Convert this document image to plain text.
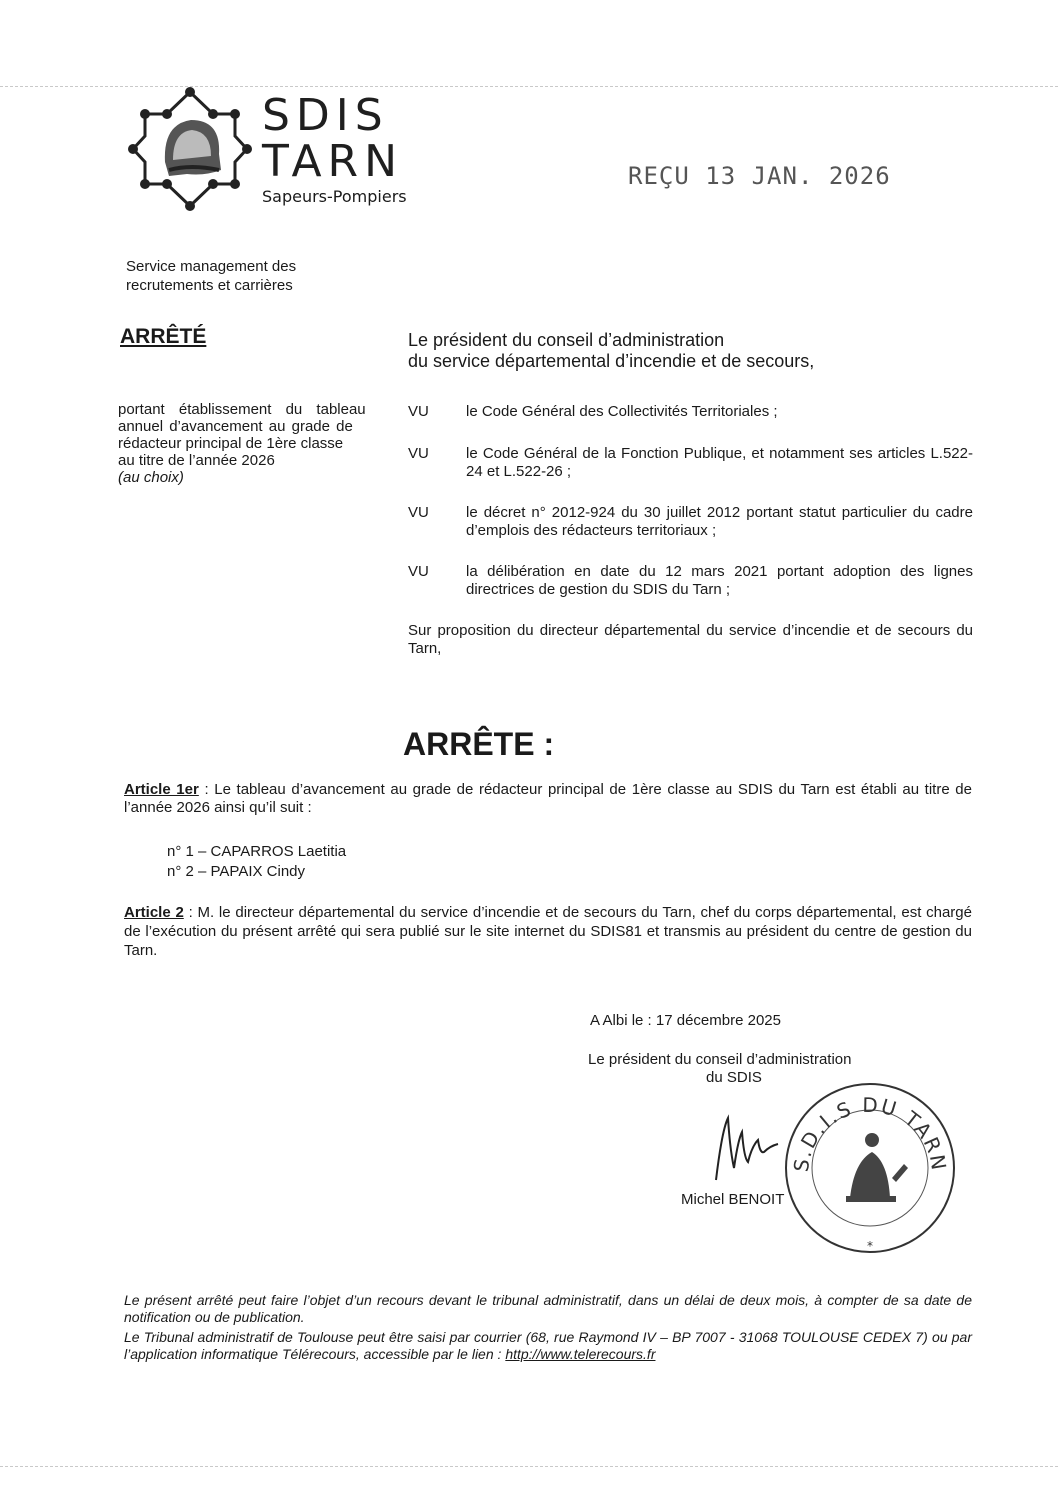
SDIS
TARN
Sapeurs-Pompiers
REÇU 13 JAN. 2026
Service management des
recrutements et carrières
ARRÊTÉ	Le président du conseil d’administration
du service départemental d’incendie et de secours,
portant établissement du tableau
annuel d’avancement au grade de
rédacteur principal de 1ère classe
au titre de l’année 2026
(au choix)
VU	le Code Général des Collectivités Territoriales ;
VU	le Code Général de la Fonction Publique, et notamment ses articles L.522-24 et L.522-26 ;
VU	le décret n° 2012-924 du 30 juillet 2012 portant statut particulier du cadre d’emplois des rédacteurs territoriaux ;
VU	la délibération en date du 12 mars 2021 portant adoption des lignes directrices de gestion du SDIS du Tarn ;
Sur proposition du directeur départemental du service d’incendie et de secours du Tarn,
ARRÊTE :
Article 1er : Le tableau d’avancement au grade de rédacteur principal de 1ère classe au SDIS du Tarn est établi au titre de l’année 2026 ainsi qu’il suit :
n° 1 – CAPARROS Laetitia
n° 2 – PAPAIX Cindy
Article 2 : M. le directeur départemental du service d’incendie et de secours du Tarn, chef du corps départemental, est chargé de l’exécution du présent arrêté qui sera publié sur le site internet du SDIS81 et transmis au président du centre de gestion du Tarn.
A Albi le : 17 décembre 2025
Le président du conseil d’administration
du SDIS
Michel BENOIT
S.D.I.S DU TARN
*
Le présent arrêté peut faire l’objet d’un recours devant le tribunal administratif, dans un délai de deux mois, à compter de sa date de notification ou de publication.
Le Tribunal administratif de Toulouse peut être saisi par courrier (68, rue Raymond IV – BP 7007 - 31068 TOULOUSE CEDEX 7) ou par l’application informatique Télérecours, accessible par le lien : http://www.telerecours.fr
